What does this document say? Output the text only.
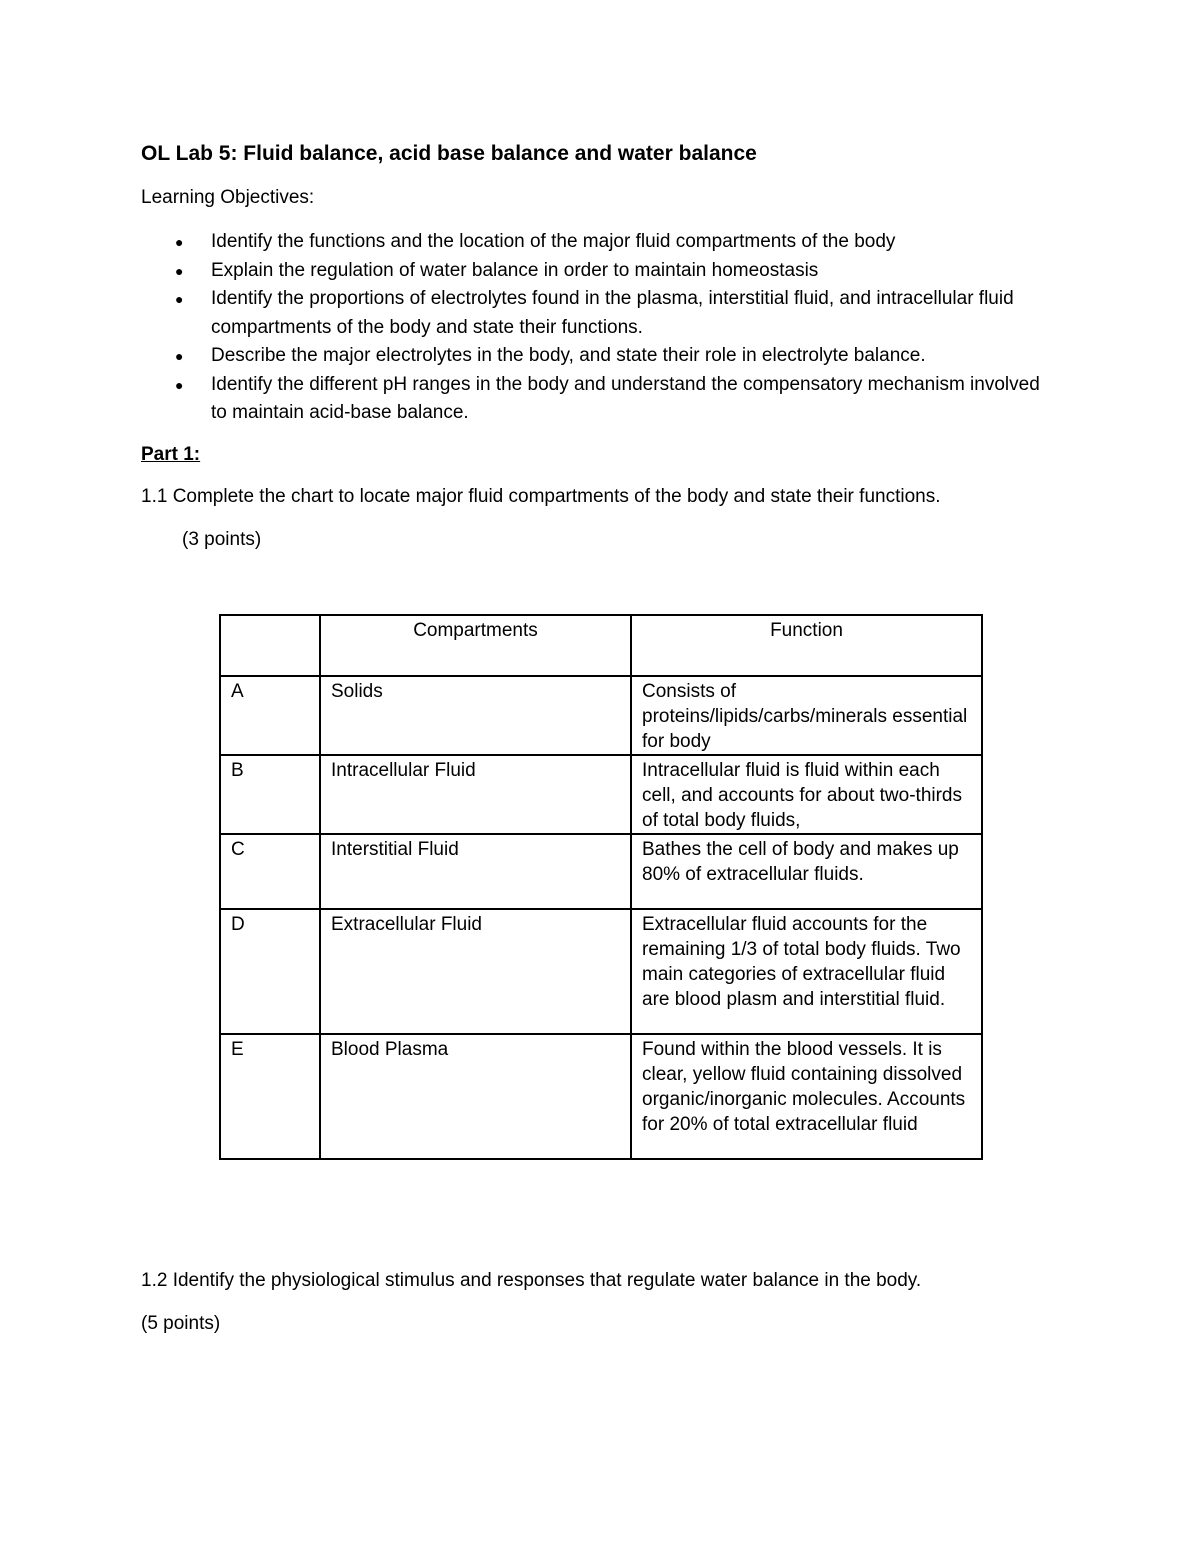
OL Lab 5: Fluid balance, acid base balance and water balance
Learning Objectives:
● Identify the functions and the location of the major fluid compartments of the body
● Explain the regulation of water balance in order to maintain homeostasis
● Identify the proportions of electrolytes found in the plasma, interstitial fluid, and intracellular fluid compartments of the body and state their functions.
● Describe the major electrolytes in the body, and state their role in electrolyte balance.
● Identify the different pH ranges in the body and understand the compensatory mechanism involved to maintain acid-base balance.
Part 1:
1.1 Complete the chart to locate major fluid compartments of the body and state their functions.
(3 points)
	Compartments	Function
A	Solids	Consists of proteins/lipids/carbs/minerals essential for body
B	Intracellular Fluid	Intracellular fluid is fluid within each cell, and accounts for about two-thirds of total body fluids,
C	Interstitial Fluid	Bathes the cell of body and makes up 80% of extracellular fluids.
D	Extracellular Fluid	Extracellular fluid accounts for the remaining 1/3 of total body fluids. Two main categories of extracellular fluid are blood plasm and interstitial fluid.
E	Blood Plasma	Found within the blood vessels. It is clear, yellow fluid containing dissolved organic/inorganic molecules. Accounts for 20% of total extracellular fluid
1.2 Identify the physiological stimulus and responses that regulate water balance in the body.
(5 points)
